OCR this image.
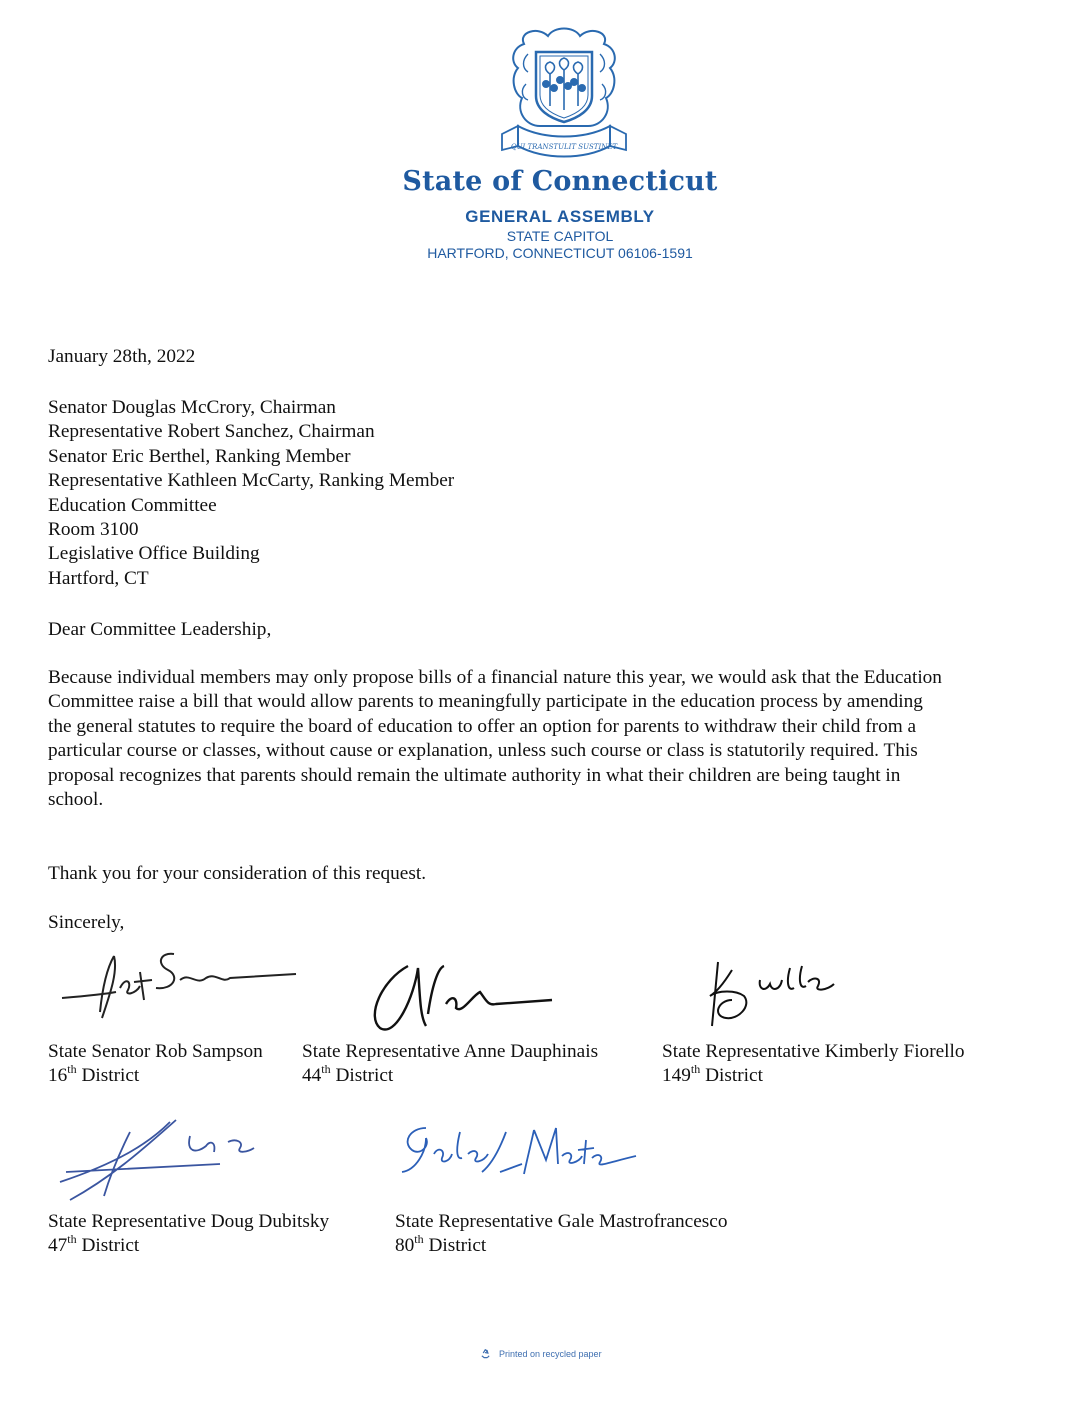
QUI TRANSTULIT SUSTINET
State of Connecticut
GENERAL ASSEMBLY
STATE CAPITOL
HARTFORD, CONNECTICUT 06106-1591
January 28th, 2022
Senator Douglas McCrory, Chairman
Representative Robert Sanchez, Chairman
Senator Eric Berthel, Ranking Member
Representative Kathleen McCarty, Ranking Member
Education Committee
Room 3100
Legislative Office Building
Hartford, CT
Dear Committee Leadership,
Because individual members may only propose bills of a financial nature this year, we would ask that the Education
Committee raise a bill that would allow parents to meaningfully participate in the education process by amending
the general statutes to require the board of education to offer an option for parents to withdraw their child from a
particular course or classes, without cause or explanation, unless such course or class is statutorily required. This
proposal recognizes that parents should remain the ultimate authority in what their children are being taught in
school.
Thank you for your consideration of this request.
Sincerely,
State Senator Rob Sampson
16th District
State Representative Anne Dauphinais
44th District
State Representative Kimberly Fiorello
149th District
State Representative Doug Dubitsky
47th District
State Representative Gale Mastrofrancesco
80th District
Printed on recycled paper
